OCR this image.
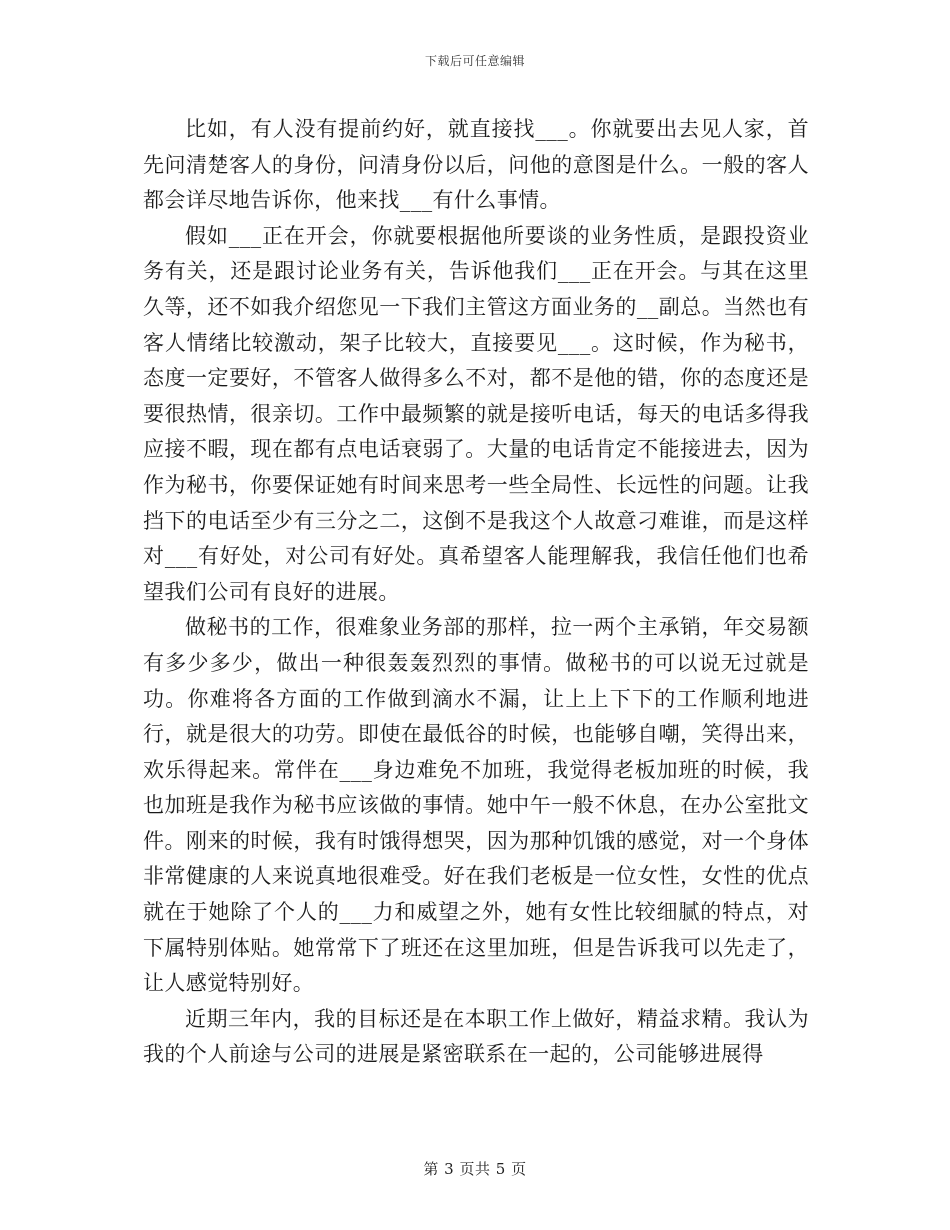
下载后可任意编辑

比如，有人没有提前约好，就直接找___。你就要出去见人家，首先问清楚客人的身份，问清身份以后，问他的意图是什么。一般的客人都会详尽地告诉你，他来找___有什么事情。

假如___正在开会，你就要根据他所要谈的业务性质，是跟投资业务有关，还是跟讨论业务有关，告诉他我们___正在开会。与其在这里久等，还不如我介绍您见一下我们主管这方面业务的__副总。当然也有客人情绪比较激动，架子比较大，直接要见___。这时候，作为秘书，态度一定要好，不管客人做得多么不对，都不是他的错，你的态度还是要很热情，很亲切。工作中最频繁的就是接听电话，每天的电话多得我应接不暇，现在都有点电话衰弱了。大量的电话肯定不能接进去，因为作为秘书，你要保证她有时间来思考一些全局性、长远性的问题。让我挡下的电话至少有三分之二，这倒不是我这个人故意刁难谁，而是这样对___有好处，对公司有好处。真希望客人能理解我，我信任他们也希望我们公司有良好的进展。

做秘书的工作，很难象业务部的那样，拉一两个主承销，年交易额有多少多少，做出一种很轰轰烈烈的事情。做秘书的可以说无过就是功。你难将各方面的工作做到滴水不漏，让上上下下的工作顺利地进行，就是很大的功劳。即使在最低谷的时候，也能够自嘲，笑得出来，欢乐得起来。常伴在___身边难免不加班，我觉得老板加班的时候，我也加班是我作为秘书应该做的事情。她中午一般不休息，在办公室批文件。刚来的时候，我有时饿得想哭，因为那种饥饿的感觉，对一个身体非常健康的人来说真地很难受。好在我们老板是一位女性，女性的优点就在于她除了个人的___力和威望之外，她有女性比较细腻的特点，对下属特别体贴。她常常下了班还在这里加班，但是告诉我可以先走了，让人感觉特别好。

近期三年内，我的目标还是在本职工作上做好，精益求精。我认为我的个人前途与公司的进展是紧密联系在一起的，公司能够进展得

第 3 页共 5 页
